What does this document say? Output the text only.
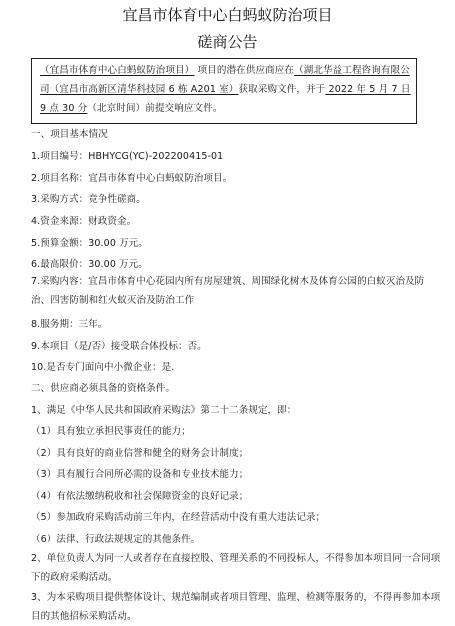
宜昌市体育中心白蚂蚁防治项目
磋商公告
（宜昌市体育中心白蚂蚁防治项目） 项目的潜在供应商应在（湖北华益工程咨询有限公司（宜昌市高新区清华科技园 6 栋 A201 室）获取采购文件，并于 2022 年 5 月 7 日 9 点 30 分（北京时间）前提交响应文件。
一、项目基本情况
1.项目编号：HBHYCG(YC)-202200415-01
2.项目名称：宜昌市体育中心白蚂蚁防治项目。
3.采购方式：竞争性磋商。
4.资金来源：财政资金。
5.预算金额：30.00 万元。
6.最高限价：30.00 万元。
7.采购内容：宜昌市体育中心花园内所有房屋建筑、周围绿化树木及体育公园的白蚁灭治及防治、四害防制和红火蚁灭治及防治工作
8.服务期：三年。
9.本项目（是/否）接受联合体投标：否。
10.是否专门面向中小微企业：是.
二、供应商必须具备的资格条件。
1、满足《中华人民共和国政府采购法》第二十二条规定，即：
（1）具有独立承担民事责任的能力；
（2）具有良好的商业信誉和健全的财务会计制度；
（3）具有履行合同所必需的设备和专业技术能力；
（4）有依法缴纳税收和社会保障资金的良好记录；
（5）参加政府采购活动前三年内，在经营活动中没有重大违法记录；
（6）法律、行政法规规定的其他条件。
2、单位负责人为同一人或者存在直接控股、管理关系的不同投标人，不得参加本项目同一合同项下的政府采购活动。
3、为本采购项目提供整体设计、规范编制或者项目管理、监理、检测等服务的，不得再参加本项目的其他招标采购活动。
